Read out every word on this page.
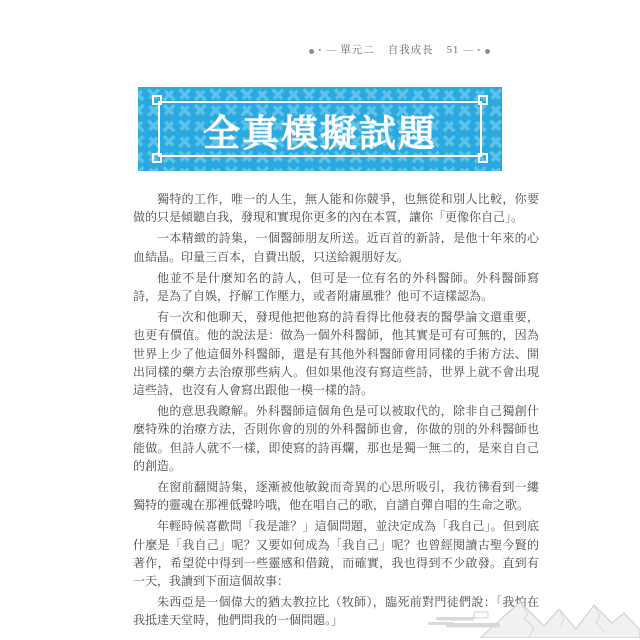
• — 單元二 自我成長 51 — •
全真模擬試題

獨特的工作，唯一的人生，無人能和你競爭，也無從和別人比較，你要做的只是傾聽自我，發現和實現你更多的內在本質，讓你「更像你自己」。

一本精緻的詩集，一個醫師朋友所送。近百首的新詩，是他十年來的心血結晶。印量三百本，自費出版，只送給親朋好友。

他並不是什麼知名的詩人，但可是一位有名的外科醫師。外科醫師寫詩，是為了自娛，抒解工作壓力，或者附庸風雅？他可不這樣認為。

有一次和他聊天，發現他把他寫的詩看得比他發表的醫學論文還重要，也更有價值。他的說法是：做為一個外科醫師，他其實是可有可無的，因為世界上少了他這個外科醫師，還是有其他外科醫師會用同樣的手術方法、開出同樣的藥方去治療那些病人。但如果他沒有寫這些詩，世界上就不會出現這些詩，也沒有人會寫出跟他一模一樣的詩。

他的意思我瞭解。外科醫師這個角色是可以被取代的，除非自己獨創什麼特殊的治療方法，否則你會的別的外科醫師也會，你做的別的外科醫師也能做。但詩人就不一樣，即使寫的詩再爛，那也是獨一無二的，是來自自己的創造。

在窗前翻閱詩集，逐漸被他敏銳而奇異的心思所吸引，我彷彿看到一縷獨特的靈魂在那裡低聲吟哦，他在唱自己的歌，自譜自彈自唱的生命之歌。

年輕時候喜歡問「我是誰？」這個問題，並決定成為「我自己」。但到底什麼是「我自己」呢？又要如何成為「我自己」呢？也曾經閱讀古聖今賢的著作，希望從中得到一些靈感和借鏡，而確實，我也得到不少啟發。直到有一天，我讀到下面這個故事：

朱西亞是一個偉大的猶太教拉比（牧師），臨死前對門徒們說：「我怕在我抵達天堂時，他們問我的一個問題。」
